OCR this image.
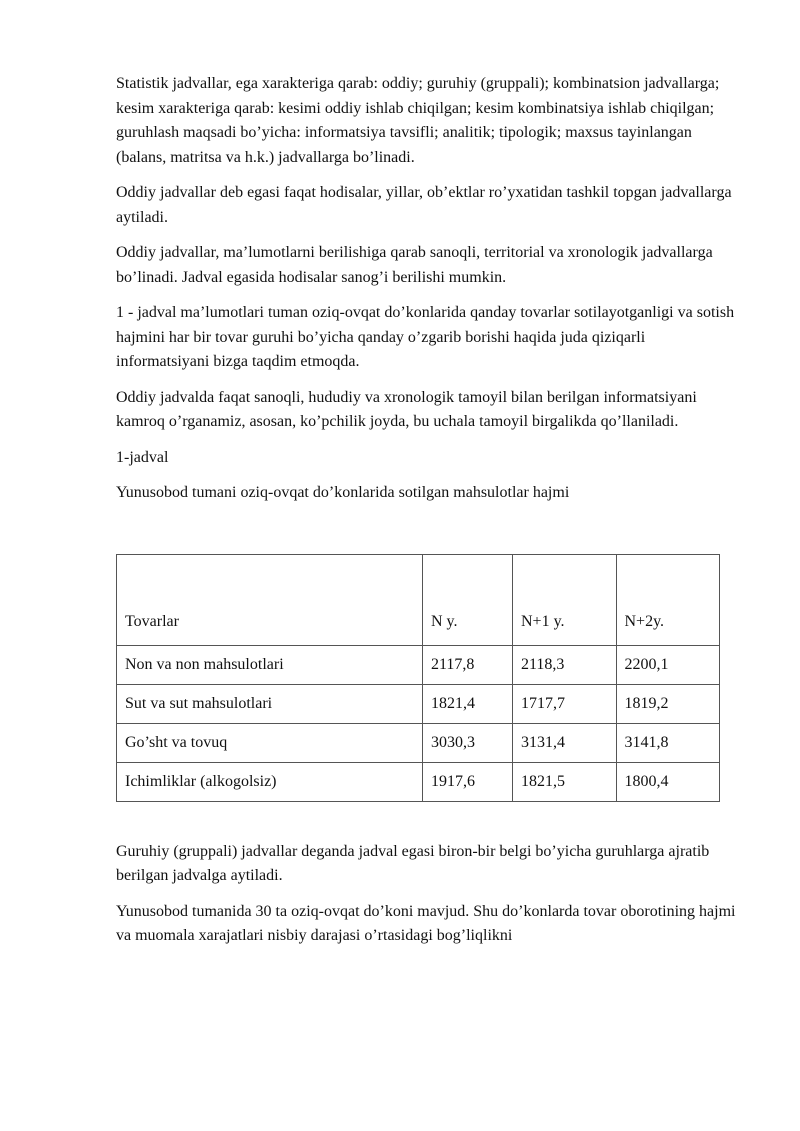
Statistik jadvallar, ega xarakteriga qarab: oddiy; guruhiy (gruppali); kombinatsion jadvallarga; kesim xarakteriga qarab: kesimi oddiy ishlab chiqilgan; kesim kombinatsiya ishlab chiqilgan; guruhlash maqsadi bo’yicha: informatsiya tavsifli; analitik; tipologik; maxsus tayinlangan (balans, matritsa va h.k.) jadvallarga bo’linadi.

Oddiy jadvallar deb egasi faqat hodisalar, yillar, ob’ektlar ro’yxatidan tashkil topgan jadvallarga aytiladi.

Oddiy jadvallar, ma’lumotlarni berilishiga qarab sanoqli, territorial va xronologik jadvallarga bo’linadi. Jadval egasida hodisalar sanog’i berilishi mumkin.

1 - jadval ma’lumotlari tuman oziq-ovqat do’konlarida qanday tovarlar sotilayotganligi va sotish hajmini har bir tovar guruhi bo’yicha qanday o’zgarib borishi haqida juda qiziqarli informatsiyani bizga taqdim etmoqda.

Oddiy jadvalda faqat sanoqli, hududiy va xronologik tamoyil bilan berilgan informatsiyani kamroq o’rganamiz, asosan, ko’pchilik joyda, bu uchala tamoyil birgalikda qo’llaniladi.

1-jadval

Yunusobod tumani oziq-ovqat do’konlarida sotilgan mahsulotlar hajmi

Tovarlar	N y.	N+1 y.	N+2y.
Non va non mahsulotlari	2117,8	2118,3	2200,1
Sut va sut mahsulotlari	1821,4	1717,7	1819,2
Go’sht va tovuq	3030,3	3131,4	3141,8
Ichimliklar (alkogolsiz)	1917,6	1821,5	1800,4

Guruhiy (gruppali) jadvallar deganda jadval egasi biron-bir belgi bo’yicha guruhlarga ajratib berilgan jadvalga aytiladi.

Yunusobod tumanida 30 ta oziq-ovqat do’koni mavjud. Shu do’konlarda tovar oborotining hajmi va muomala xarajatlari nisbiy darajasi o’rtasidagi bog’liqlikni
